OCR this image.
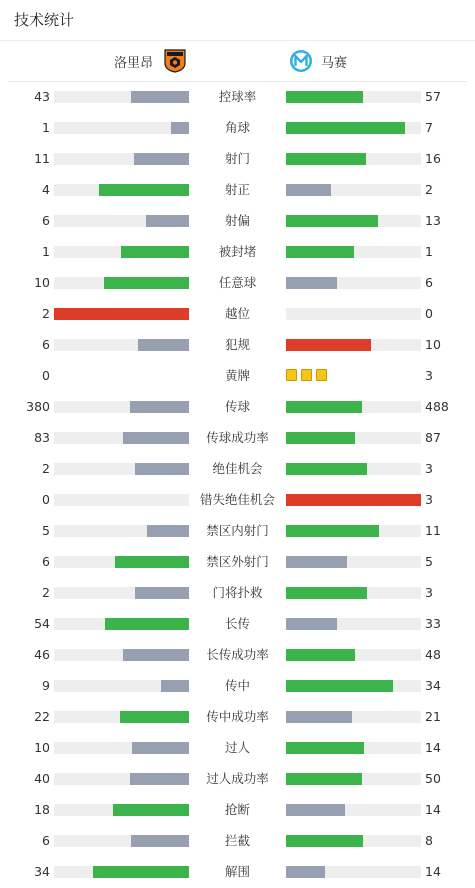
技术统计
洛里昂	马赛
43	控球率	57
1	角球	7
11	射门	16
4	射正	2
6	射偏	13
1	被封堵	1
10	任意球	6
2	越位	0
6	犯规	10
0	黄牌	3
380	传球	488
83	传球成功率	87
2	绝佳机会	3
0	错失绝佳机会	3
5	禁区内射门	11
6	禁区外射门	5
2	门将扑救	3
54	长传	33
46	长传成功率	48
9	传中	34
22	传中成功率	21
10	过人	14
40	过人成功率	50
18	抢断	14
6	拦截	8
34	解围	14
